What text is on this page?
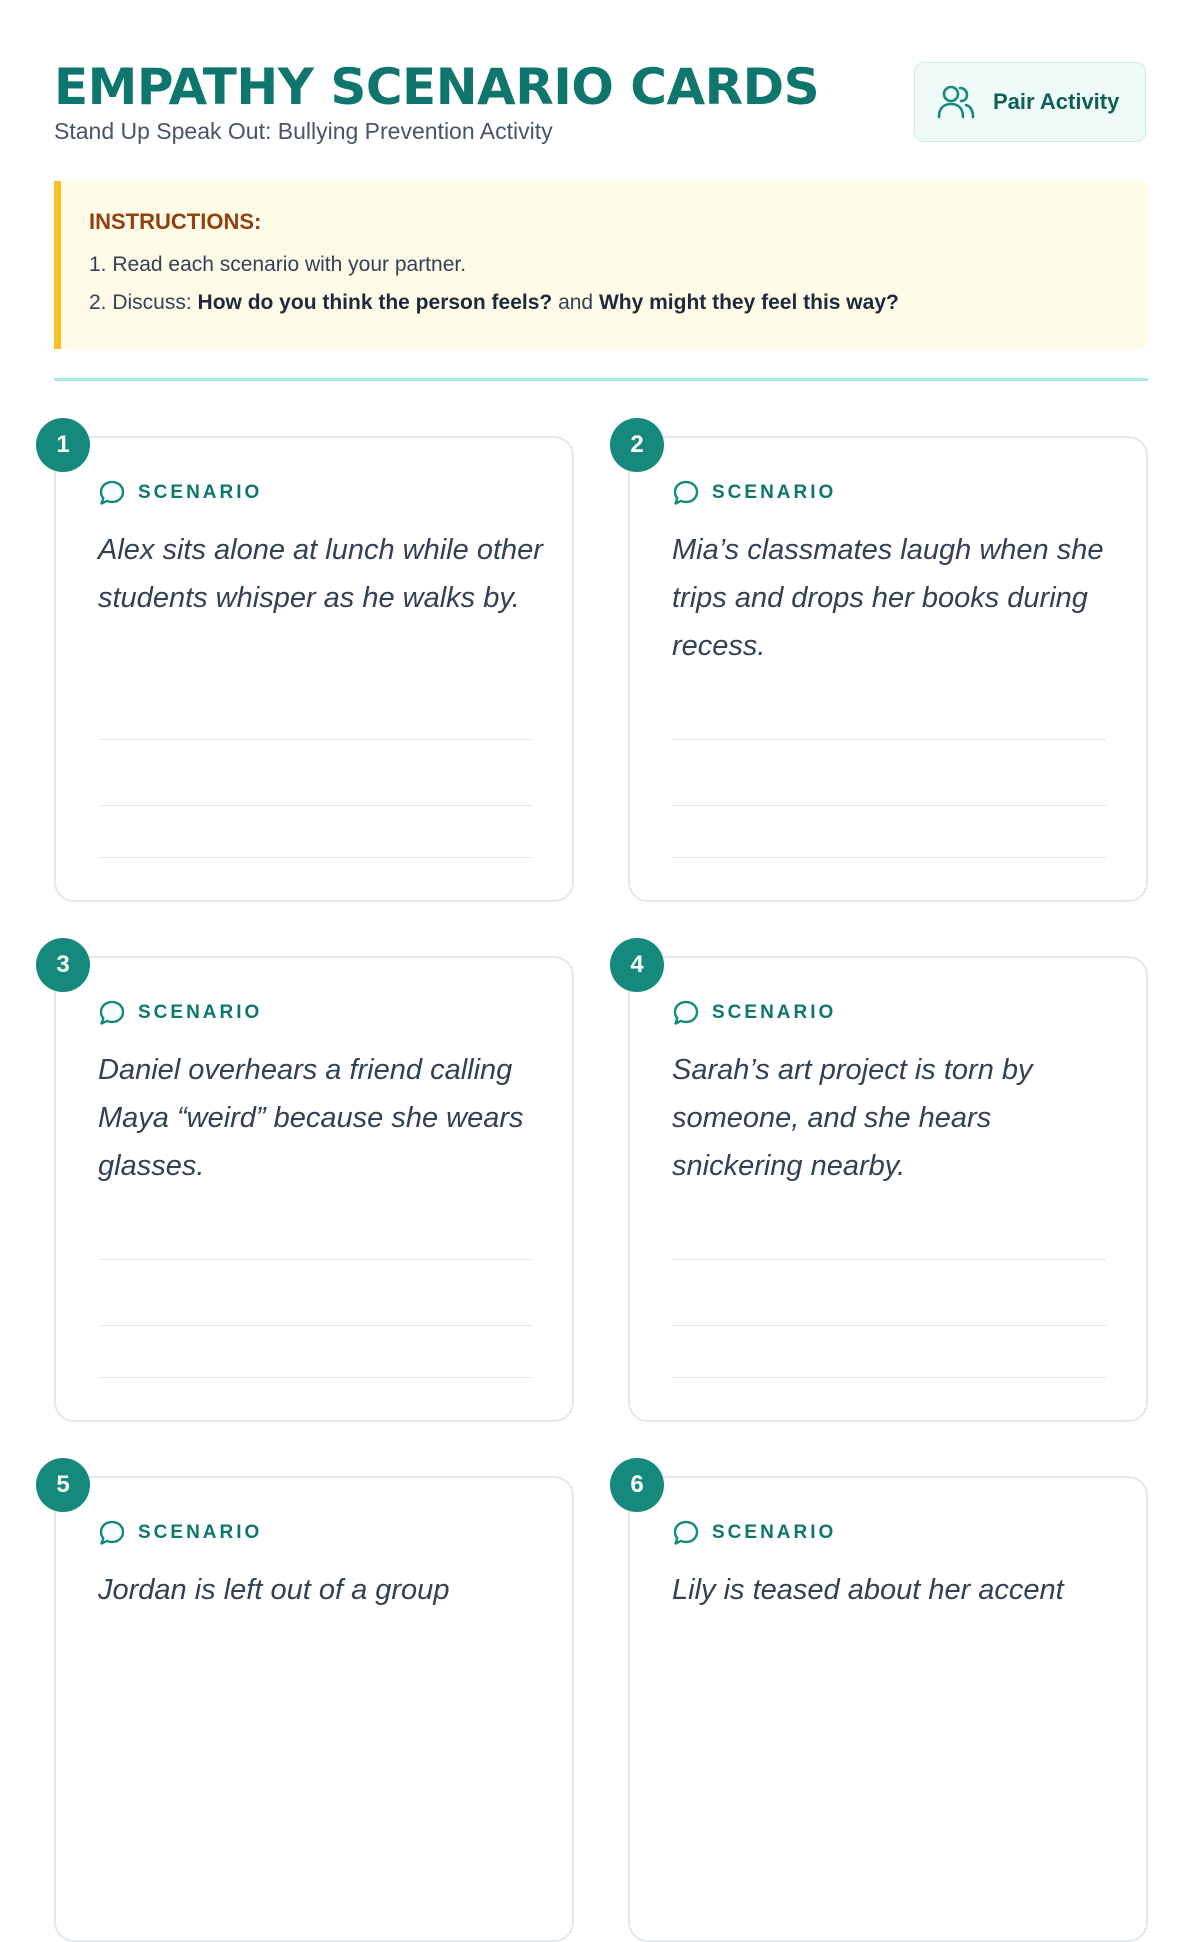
EMPATHY SCENARIO CARDS

Stand Up Speak Out: Bullying Prevention Activity

Pair Activity

INSTRUCTIONS:

1. Read each scenario with your partner.

2. Discuss: How do you think the person feels? and Why might they feel this way?

1
SCENARIO

Alex sits alone at lunch while other students whisper as he walks by.

2
SCENARIO

Mia’s classmates laugh when she trips and drops her books during recess.

3
SCENARIO

Daniel overhears a friend calling Maya “weird” because she wears glasses.

4
SCENARIO

Sarah’s art project is torn by someone, and she hears snickering nearby.

5
SCENARIO

Jordan is left out of a group

6
SCENARIO

Lily is teased about her accent
